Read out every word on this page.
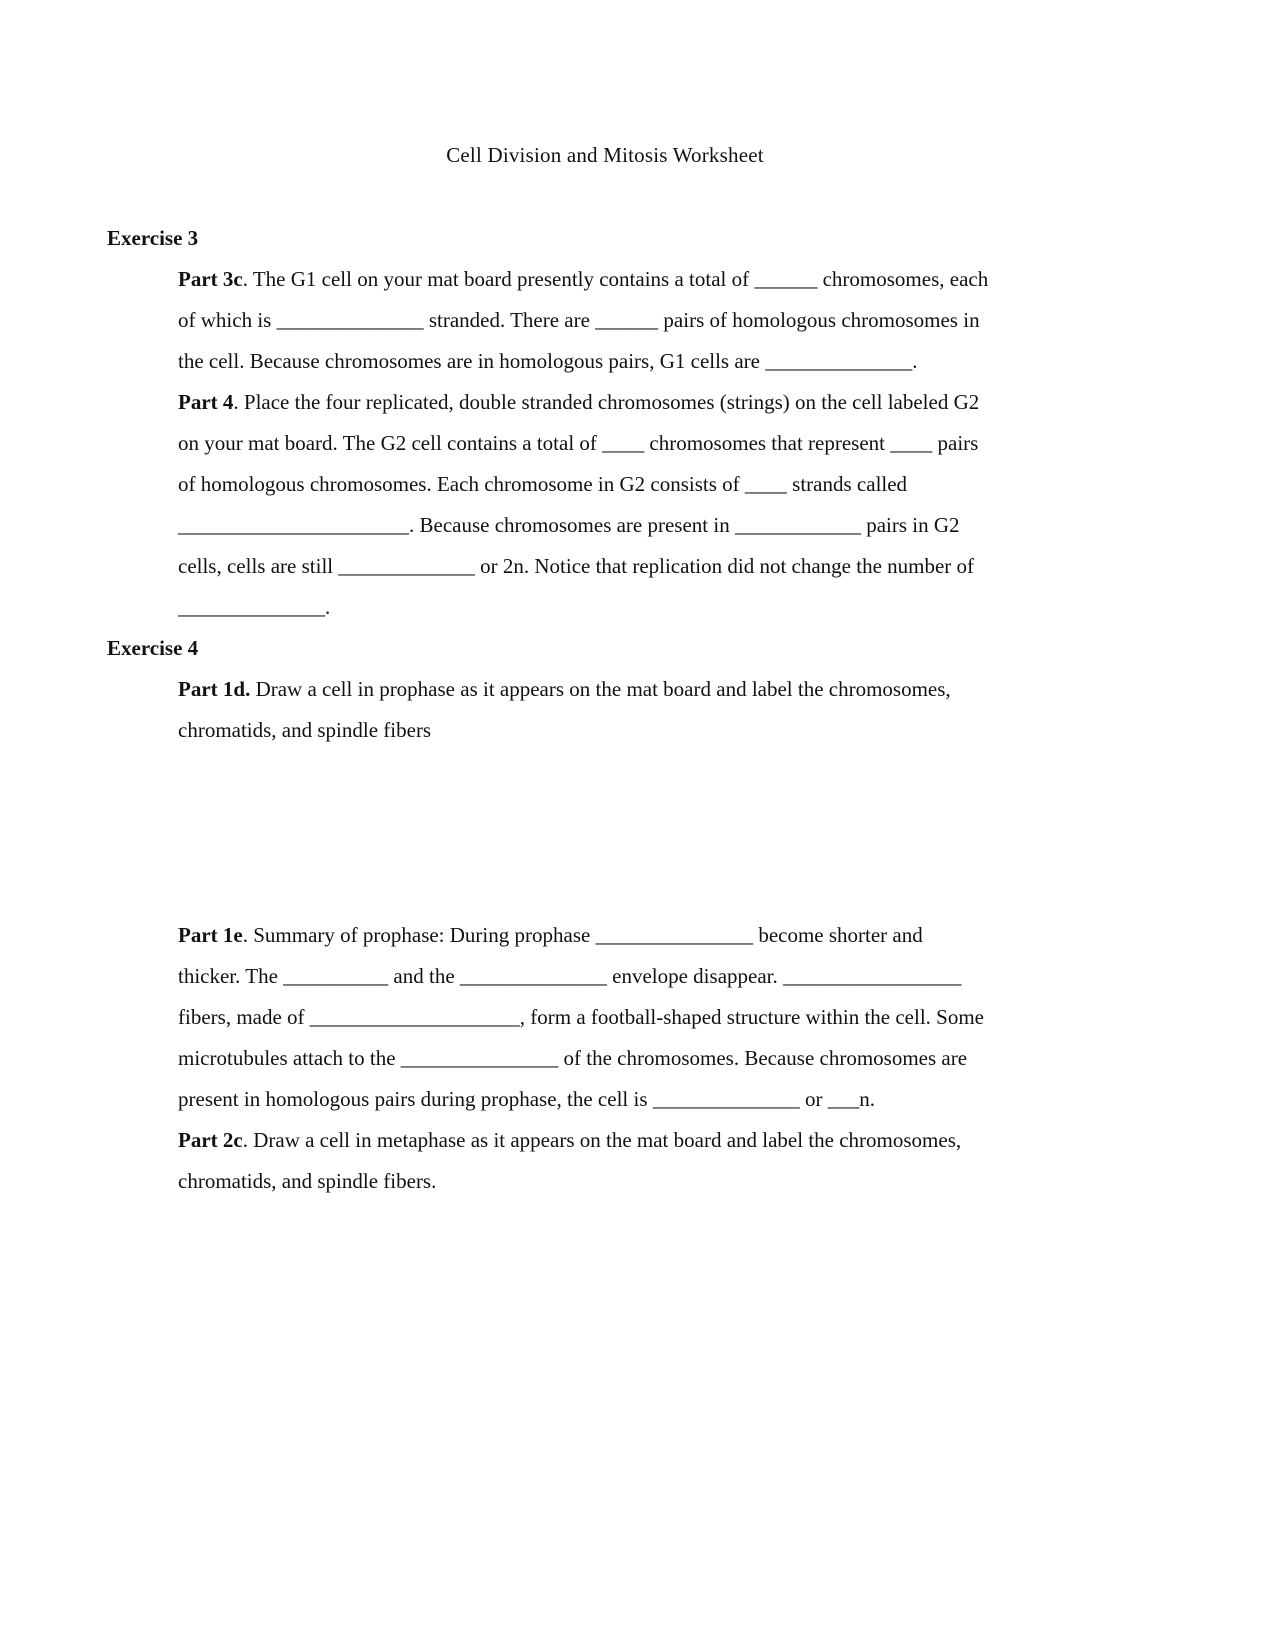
Cell Division and Mitosis Worksheet
Exercise 3
Part 3c. The G1 cell on your mat board presently contains a total of ______ chromosomes, each
of which is ______________ stranded. There are ______ pairs of homologous chromosomes in
the cell. Because chromosomes are in homologous pairs, G1 cells are ______________.
Part 4. Place the four replicated, double stranded chromosomes (strings) on the cell labeled G2
on your mat board. The G2 cell contains a total of ____ chromosomes that represent ____ pairs
of homologous chromosomes. Each chromosome in G2 consists of ____ strands called
______________________. Because chromosomes are present in ____________ pairs in G2
cells, cells are still _____________ or 2n. Notice that replication did not change the number of
______________.
Exercise 4
Part 1d. Draw a cell in prophase as it appears on the mat board and label the chromosomes,
chromatids, and spindle fibers
Part 1e. Summary of prophase: During prophase _______________ become shorter and
thicker. The __________ and the ______________ envelope disappear. _________________
fibers, made of ____________________, form a football-shaped structure within the cell. Some
microtubules attach to the _______________ of the chromosomes. Because chromosomes are
present in homologous pairs during prophase, the cell is ______________ or ___n.
Part 2c. Draw a cell in metaphase as it appears on the mat board and label the chromosomes,
chromatids, and spindle fibers.
